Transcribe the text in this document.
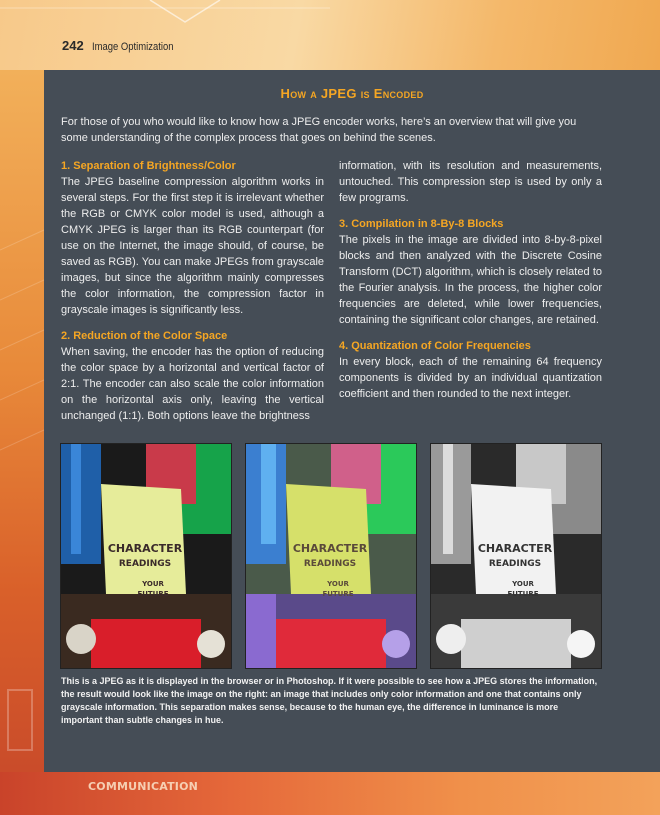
COMMUNICATION
242 Image Optimization
How a JPEG is Encoded
For those of you who would like to know how a JPEG encoder works, here’s an overview that will give you some understanding of the complex process that goes on behind the scenes.
1. Separation of Brightness/Color

The JPEG baseline compression algorithm works in several steps. For the first step it is irrelevant whether the RGB or CMYK color model is used, although a CMYK JPEG is larger than its RGB counterpart (for use on the Internet, the image should, of course, be saved as RGB). You can make JPEGs from grayscale images, but since the algorithm mainly compresses the color information, the compression factor in grayscale images is significantly less.

2. Reduction of the Color Space

When saving, the encoder has the option of reducing the color space by a horizontal and vertical factor of 2:1. The encoder can also scale the color information on the horizontal axis only, leaving the vertical unchanged (1:1). Both options leave the brightness

information, with its resolution and measurements, untouched. This compression step is used by only a few programs.

3. Compilation in 8-By-8 Blocks

The pixels in the image are divided into 8-by-8-pixel blocks and then analyzed with the Discrete Cosine Transform (DCT) algorithm, which is closely related to the Fourier analysis. In the process, the higher color frequencies are deleted, while lower frequencies, containing the significant color changes, are retained.

4. Quantization of Color Frequencies

In every block, each of the remaining 64 frequency components is divided by an individual quantization coefficient and then rounded to the next integer.

CHARACTER
READINGS
YOUR
FUTURE
CHARACTER
READINGS
YOUR
FUTURE
CHARACTER
READINGS
YOUR
FUTURE
This is a JPEG as it is displayed in the browser or in Photoshop. If it were possible to see how a JPEG stores the information, the result would look like the image on the right: an image that includes only color information and one that contains only grayscale information. This separation makes sense, because to the human eye, the difference in luminance is more important than subtle changes in hue.
